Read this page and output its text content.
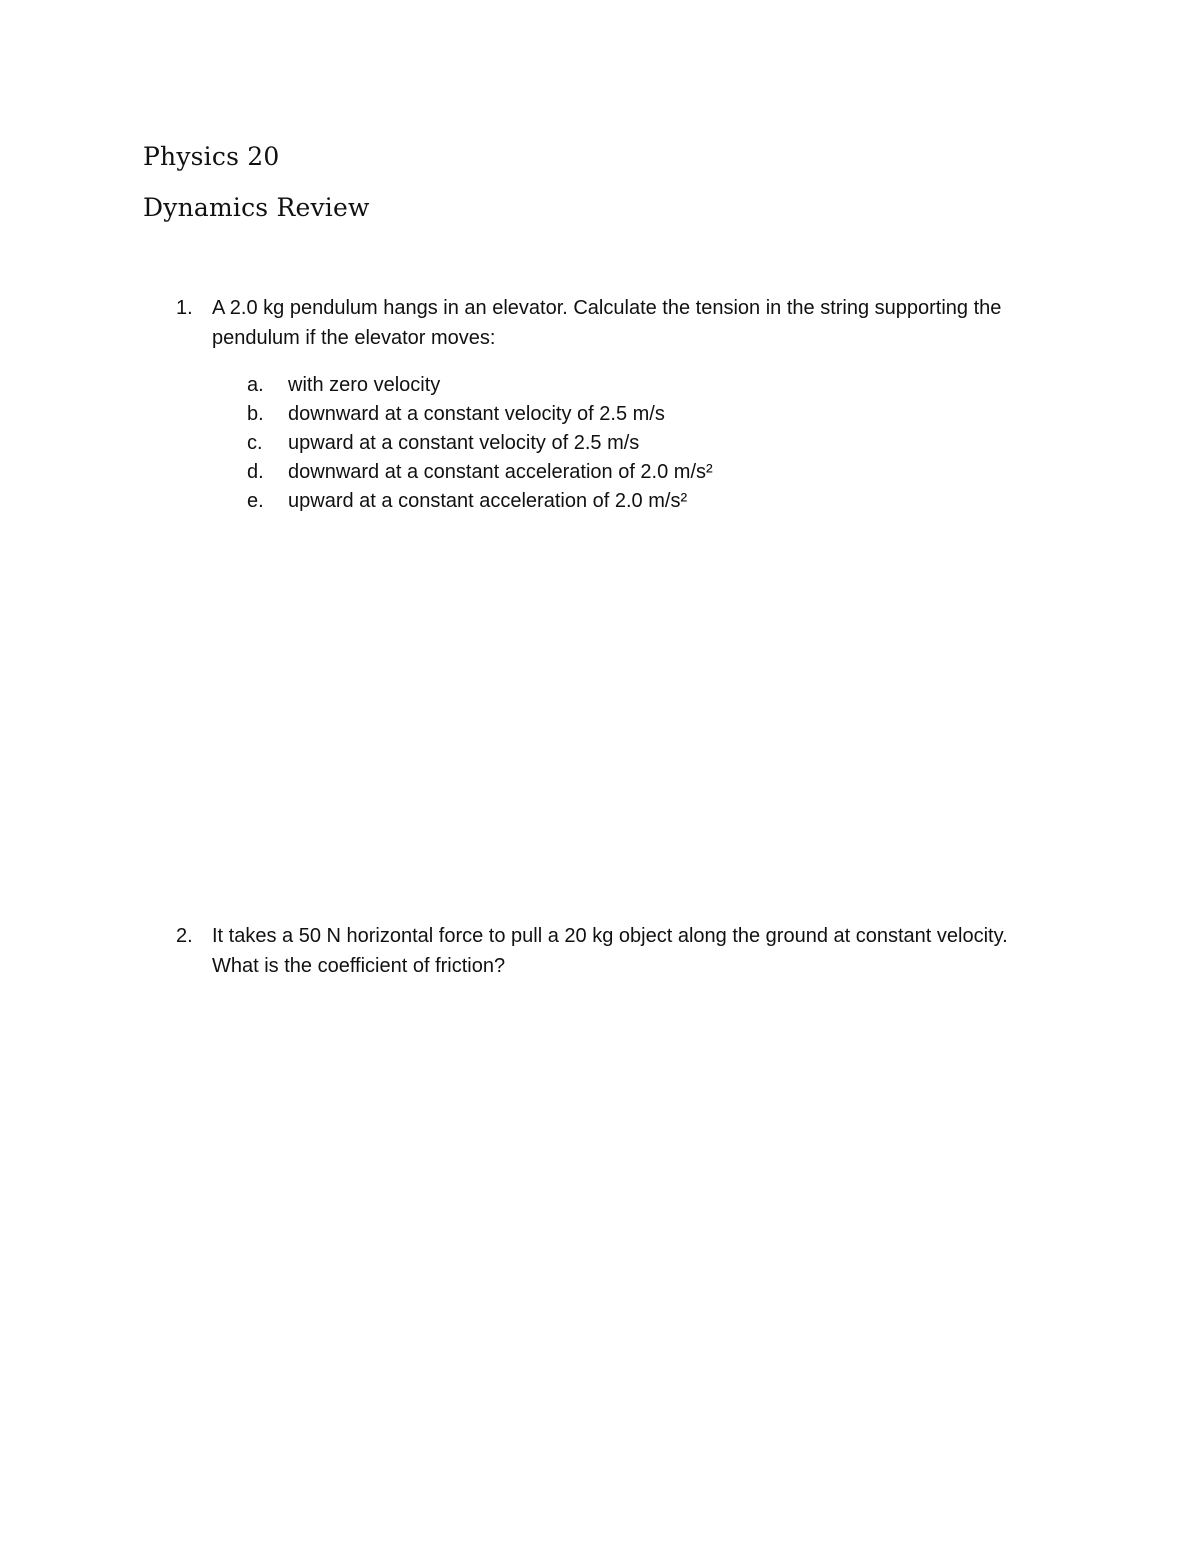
Physics 20
Dynamics Review
1. A 2.0 kg pendulum hangs in an elevator. Calculate the tension in the string supporting the pendulum if the elevator moves:

a. with zero velocity
b. downward at a constant velocity of 2.5 m/s
c. upward at a constant velocity of 2.5 m/s
d. downward at a constant acceleration of 2.0 m/s²
e. upward at a constant acceleration of 2.0 m/s²
2. It takes a 50 N horizontal force to pull a 20 kg object along the ground at constant velocity. What is the coefficient of friction?
